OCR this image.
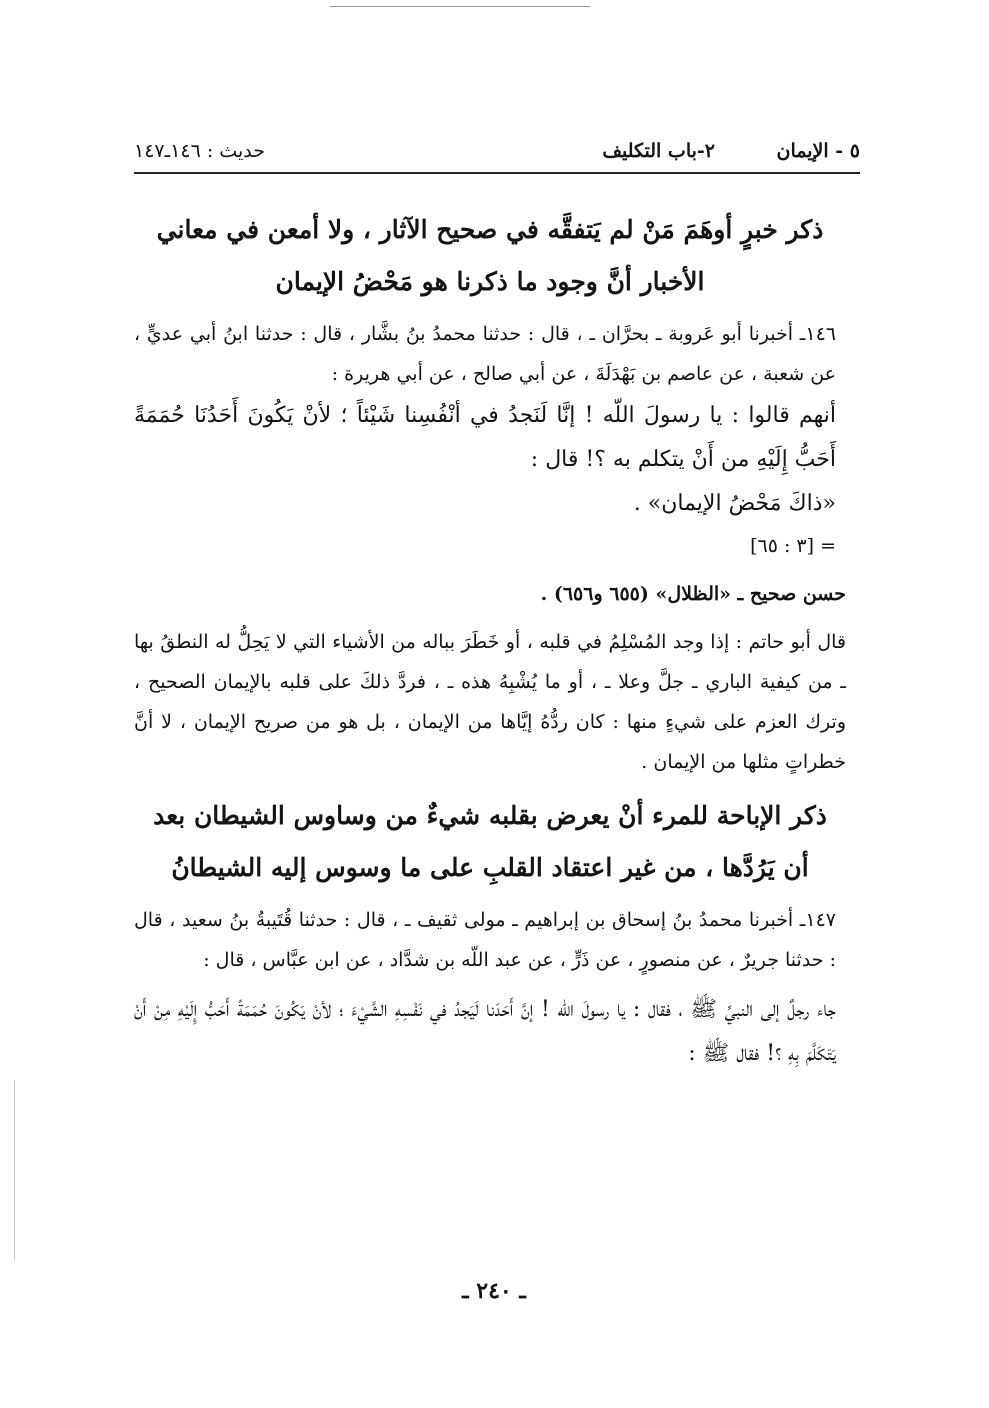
٥ - الإيمان
٢-باب التكليف
حديث : ١٤٦ـ١٤٧
ذكر خبرٍ أوهَمَ مَنْ لم يَتفقَّه في صحيح الآثار ، ولا أمعن في معاني الأخبار أنَّ وجود ما ذكرنا هو مَحْضُ الإيمان

١٤٦ـ أخبرنا أبو عَروبة ـ بحرَّان ـ ، قال : حدثنا محمدُ بنُ بشَّار ، قال : حدثنا ابنُ أبي عديٍّ ، عن شعبة ، عن عاصم بن بَهْدَلَةَ ، عن أبي صالح ، عن أبي هريرة :

أنهم قالوا : يا رسولَ اللّه ! إنَّا لَنَجدُ في أنْفُسِنا شَيْئاً ؛ لأنْ يَكُونَ أَحَدُنَا حُمَمَةً أَحَبُّ إِلَيْهِ من أَنْ يتكلم به ؟! قال :

«ذاكَ مَحْضُ الإيمان» .

= [٣ : ٦٥]

حسن صحيح ـ «الظلال» (٦٥٥ و٦٥٦) .

قال أبو حاتم : إذا وجد المُسْلِمُ في قلبه ، أو خَطَرَ بباله من الأشياء التي لا يَحِلُّ له النطقُ بها ـ من كيفية الباري ـ جلَّ وعلا ـ ، أو ما يُشْبِهُ هذه ـ ، فردَّ ذلكَ على قلبه بالإيمان الصحيح ، وترك العزم على شيءٍ منها : كان ردُّهُ إيَّاها من الإيمان ، بل هو من صريح الإيمان ، لا أنَّ خطراتٍ مثلها من الإيمان .

ذكر الإباحة للمرء أنْ يعرض بقلبه شيءٌ من وساوس الشيطان بعد أن يَرُدَّها ، من غير اعتقاد القلبِ على ما وسوس إليه الشيطانُ

١٤٧ـ أخبرنا محمدُ بنُ إسحاق بن إبراهيم ـ مولى ثقيف ـ ، قال : حدثنا قُتَيبةُ بنُ سعيد ، قال : حدثنا جريرٌ ، عن منصورٍ ، عن ذَرٍّ ، عن عبد اللّه بن شدَّاد ، عن ابن عبَّاس ، قال :

جاء رجلٌ إلى النبيِّ ﷺ ، فقال : يا رسولَ اللّه ! إنَّ أَحَدَنا لَيَجدُ في نَفْسِهِ الشَّيْءَ ؛ لأنْ يَكُونَ حُمَمَةً أَحَبُّ إِلَيْهِ مِنْ أَنْ يَتَكَلَّمَ بِهِ ؟! فقال ﷺ :

ـ ٢٤٠ ـ
